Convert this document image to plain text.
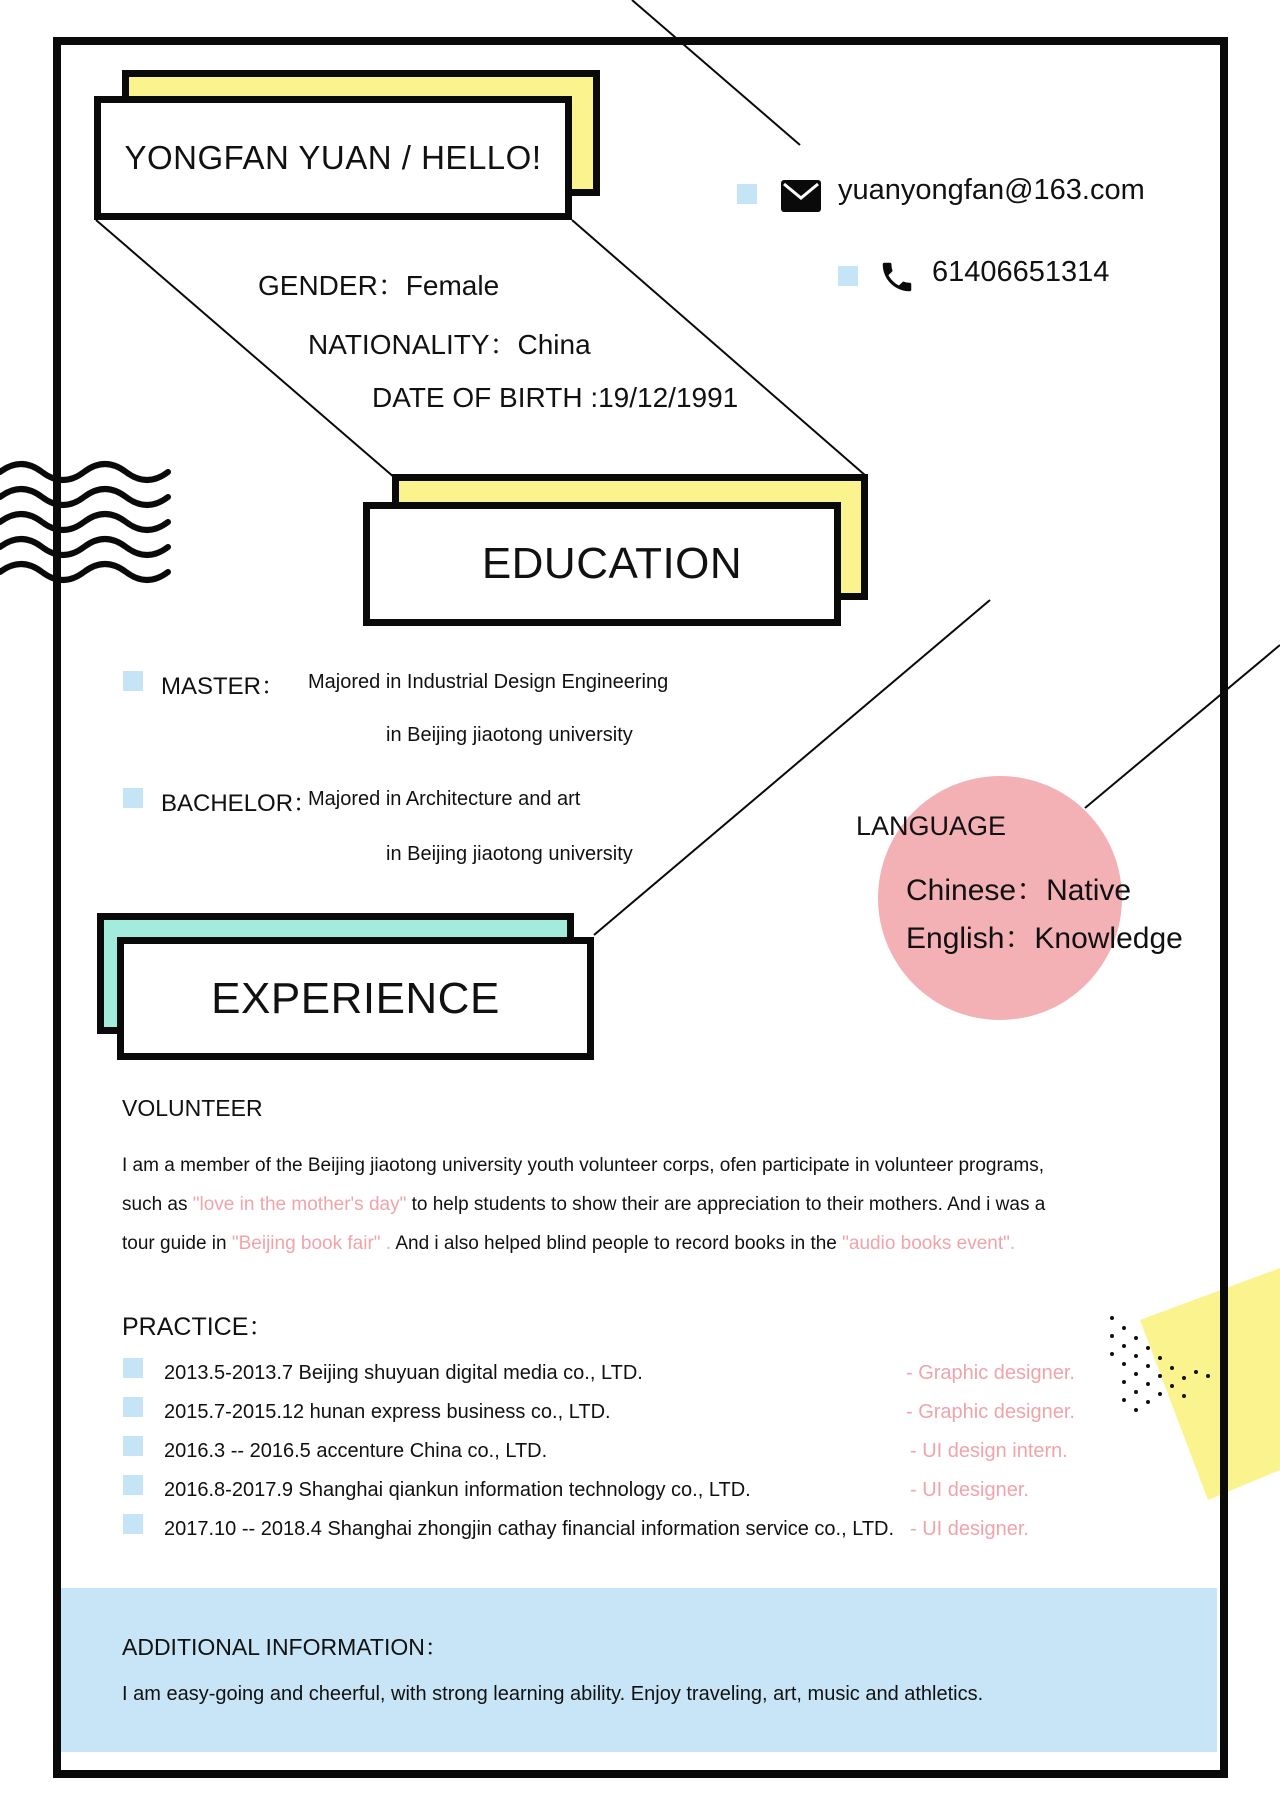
YONGFAN YUAN / HELLO!
GENDER：Female
NATIONALITY：China
DATE OF BIRTH :19/12/1991
yuanyongfan@163.com
61406651314
EDUCATION
MASTER： Majored in Industrial Design Engineering
in Beijing jiaotong university
BACHELOR：
Majored in Architecture and art
in Beijing jiaotong university
LANGUAGE
Chinese：Native
English：Knowledge
EXPERIENCE
VOLUNTEER
I am a member of the Beijing jiaotong university youth volunteer corps, ofen participate in volunteer programs,
such as "love in the mother's day" to help students to show their are appreciation to their mothers. And i was a
tour guide in "Beijing book fair" . And i also helped blind people to record books in the "audio books event".
PRACTICE：
2013.5-2013.7 Beijing shuyuan digital media co., LTD.	- Graphic designer.
2015.7-2015.12 hunan express business co., LTD.	- Graphic designer.
2016.3 -- 2016.5 accenture China co., LTD.	- UI design intern.
2016.8-2017.9 Shanghai qiankun information technology co., LTD.	- UI designer.
2017.10 -- 2018.4 Shanghai zhongjin cathay financial information service co., LTD. - UI designer.
ADDITIONAL INFORMATION：
I am easy-going and cheerful, with strong learning ability. Enjoy traveling, art, music and athletics.
